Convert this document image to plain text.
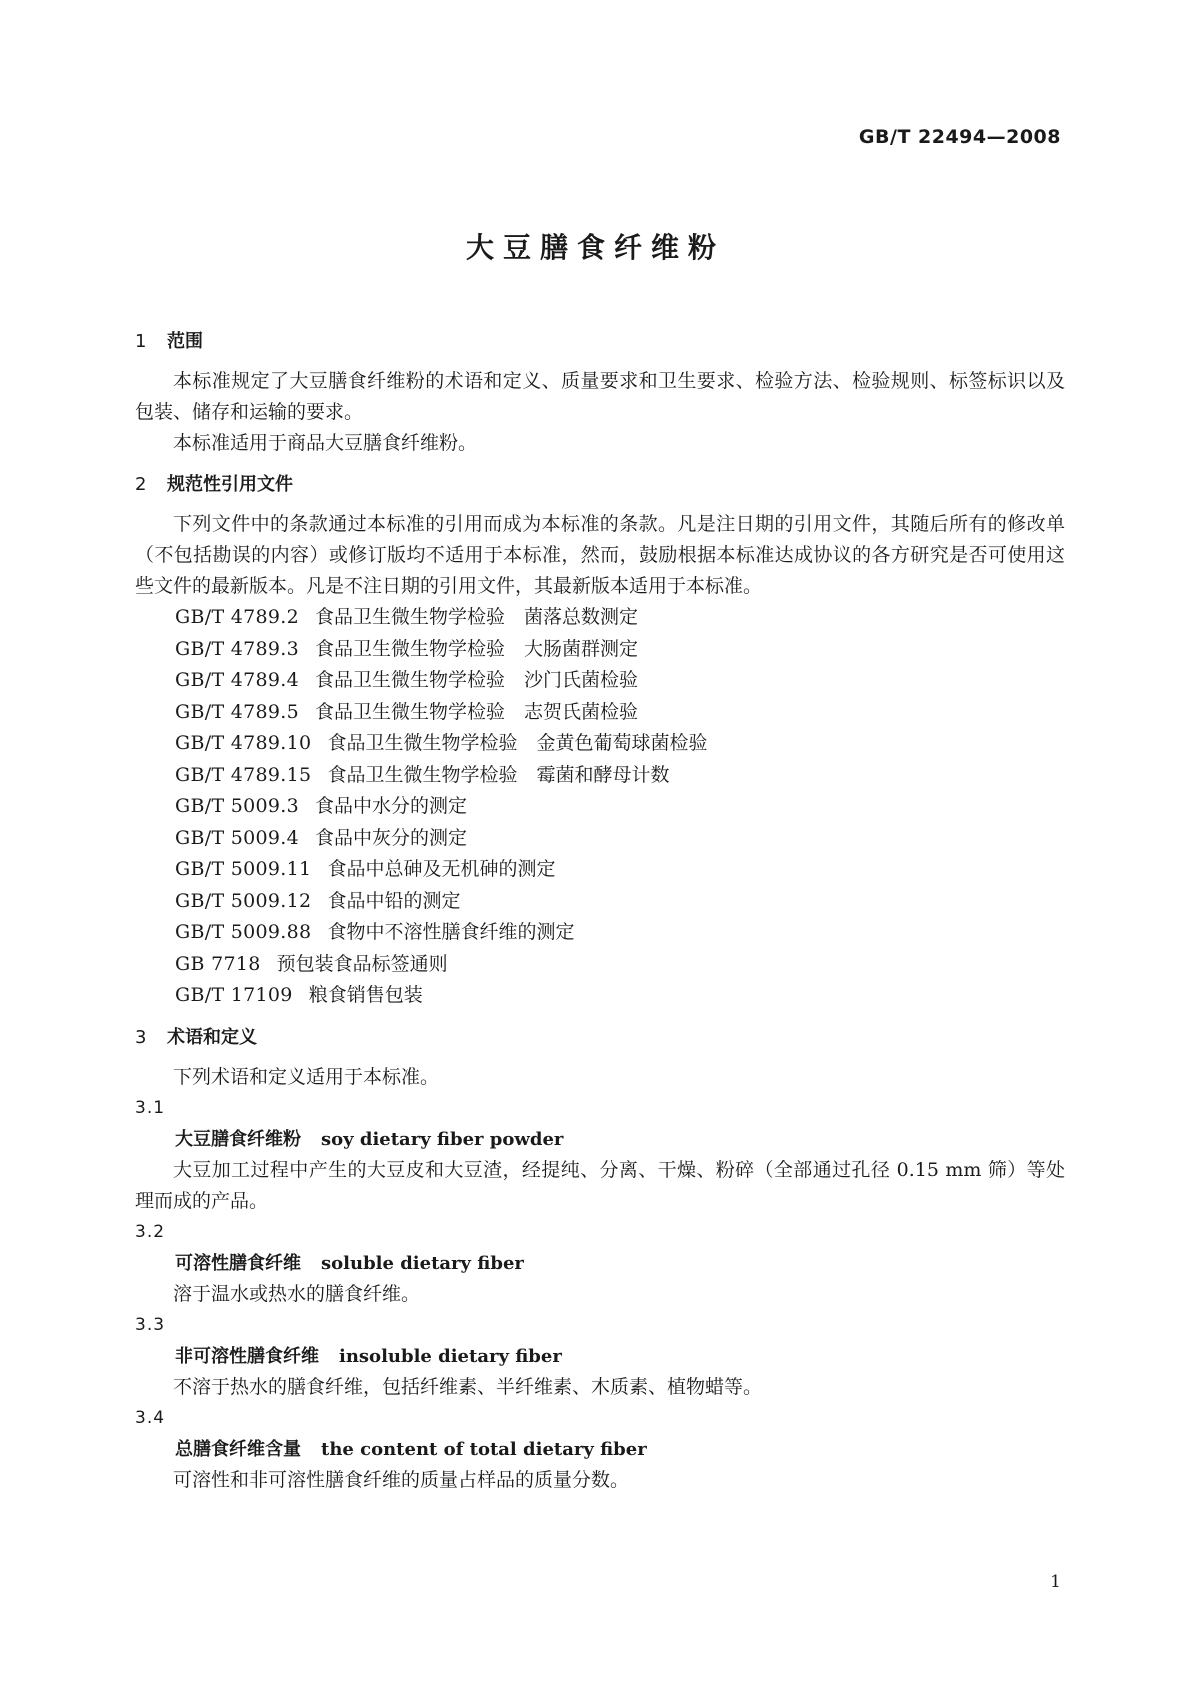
GB/T 22494—2008
大豆膳食纤维粉
1 范围

本标准规定了大豆膳食纤维粉的术语和定义、质量要求和卫生要求、检验方法、检验规则、标签标识以及包装、储存和运输的要求。

本标准适用于商品大豆膳食纤维粉。

2 规范性引用文件

下列文件中的条款通过本标准的引用而成为本标准的条款。凡是注日期的引用文件，其随后所有的修改单（不包括勘误的内容）或修订版均不适用于本标准，然而，鼓励根据本标准达成协议的各方研究是否可使用这些文件的最新版本。凡是不注日期的引用文件，其最新版本适用于本标准。

GB/T 4789.2 食品卫生微生物学检验　菌落总数测定
GB/T 4789.3 食品卫生微生物学检验　大肠菌群测定
GB/T 4789.4 食品卫生微生物学检验　沙门氏菌检验
GB/T 4789.5 食品卫生微生物学检验　志贺氏菌检验
GB/T 4789.10 食品卫生微生物学检验　金黄色葡萄球菌检验
GB/T 4789.15 食品卫生微生物学检验　霉菌和酵母计数
GB/T 5009.3 食品中水分的测定
GB/T 5009.4 食品中灰分的测定
GB/T 5009.11 食品中总砷及无机砷的测定
GB/T 5009.12 食品中铅的测定
GB/T 5009.88 食物中不溶性膳食纤维的测定
GB 7718 预包装食品标签通则
GB/T 17109 粮食销售包装
3 术语和定义

下列术语和定义适用于本标准。

3.1
大豆膳食纤维粉 soy dietary fiber powder

大豆加工过程中产生的大豆皮和大豆渣，经提纯、分离、干燥、粉碎（全部通过孔径 0.15 mm 筛）等处理而成的产品。

3.2
可溶性膳食纤维 soluble dietary fiber

溶于温水或热水的膳食纤维。

3.3
非可溶性膳食纤维 insoluble dietary fiber

不溶于热水的膳食纤维，包括纤维素、半纤维素、木质素、植物蜡等。

3.4
总膳食纤维含量 the content of total dietary fiber

可溶性和非可溶性膳食纤维的质量占样品的质量分数。

1
